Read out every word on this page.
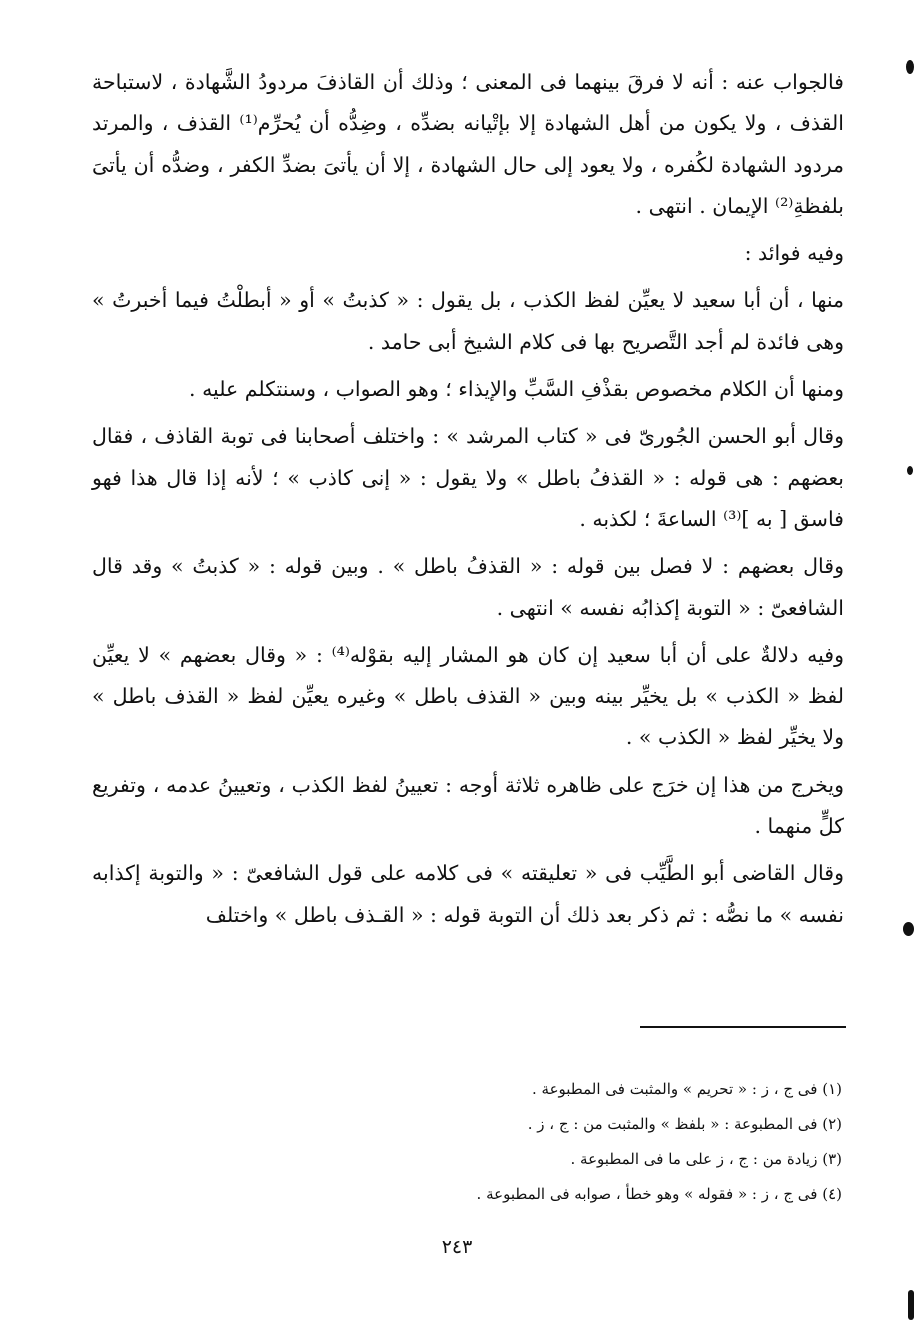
فالجواب عنه : أنه لا فرقَ بينهما فى المعنى ؛ وذلك أن القاذفَ مردودُ الشَّهادة ، لاستباحة القذف ، ولا يكون من أهل الشهادة إلا بإتْيانه بضدِّه ، وضِدُّه أن يُحرِّم⁽¹⁾ القذف ، والمرتد مردود الشهادة لكُفره ، ولا يعود إلى حال الشهادة ، إلا أن يأتىَ بضدِّ الكفر ، وضدُّه أن يأتىَ بلفظةِ⁽²⁾ الإيمان . انتهى .

وفيه فوائد :

منها ، أن أبا سعيد لا يعيِّن لفظ الكذب ، بل يقول : « كذبتُ » أو « أبطلْتُ فيما أخبرتُ » وهى فائدة لم أجد التَّصريح بها فى كلام الشيخ أبى حامد .

ومنها أن الكلام مخصوص بقذْفِ السَّبِّ والإيذاء ؛ وهو الصواب ، وسنتكلم عليه .

وقال أبو الحسن الجُورىّ فى « كتاب المرشد » : واختلف أصحابنا فى توبة القاذف ، فقال بعضهم : هى قوله : « القذفُ باطل » ولا يقول : « إنى كاذب » ؛ لأنه إذا قال هذا فهو فاسق [ به ]⁽³⁾ الساعةَ ؛ لكذبه .

وقال بعضهم : لا فصل بين قوله : « القذفُ باطل » . وبين قوله : « كذبتُ » وقد قال الشافعىّ : « التوبة إكذابُه نفسه » انتهى .

وفيه دلالةٌ على أن أبا سعيد إن كان هو المشار إليه بقوْله⁽⁴⁾ : « وقال بعضهم » لا يعيِّن لفظ « الكذب » بل يخيِّر بينه وبين « القذف باطل » وغيره يعيِّن لفظ « القذف باطل » ولا يخيِّر لفظ « الكذب » .

ويخرج من هذا إن خرَج على ظاهره ثلاثة أوجه : تعيينُ لفظ الكذب ، وتعيينُ عدمه ، وتفريع كلٍّ منهما .

وقال القاضى أبو الطَّيِّب فى « تعليقته » فى كلامه على قول الشافعىّ : « والتوبة إكذابه نفسه » ما نصُّه : ثم ذكر بعد ذلك أن التوبة قوله : « القـذف باطل » واختلف

(١) فى ج ، ز : « تحريم » والمثبت فى المطبوعة .

(٢) فى المطبوعة : « بلفظ » والمثبت من : ج ، ز .

(٣) زيادة من : ج ، ز على ما فى المطبوعة .

(٤) فى ج ، ز : « فقوله » وهو خطأ ، صوابه فى المطبوعة .

٢٤٣
